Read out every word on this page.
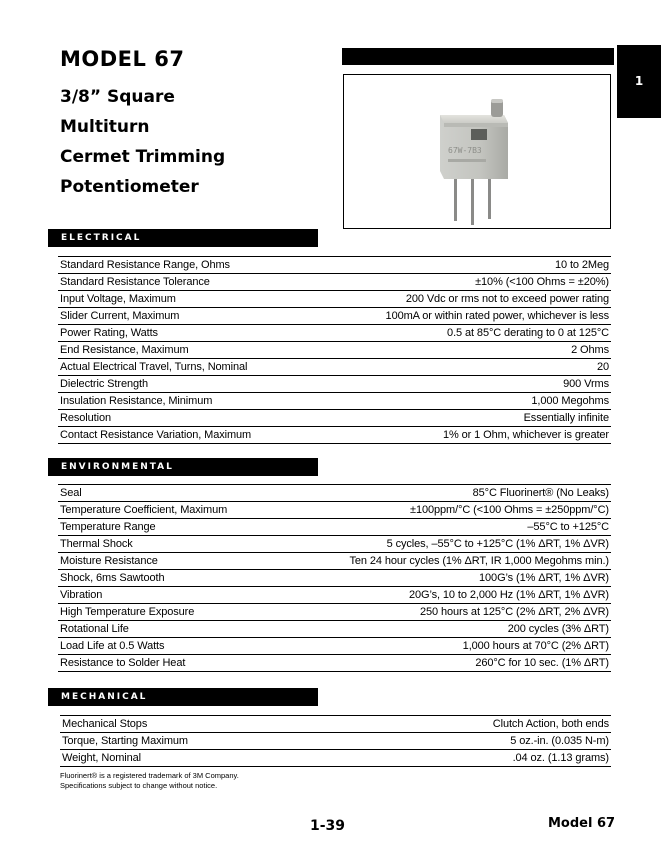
MODEL 67
3/8” Square
Multiturn
Cermet Trimming
Potentiometer
1
67W-7B3
ELECTRICAL
Standard Resistance Range, Ohms	10 to 2Meg
Standard Resistance Tolerance	±10% (<100 Ohms = ±20%)
Input Voltage, Maximum	200 Vdc or rms not to exceed power rating
Slider Current, Maximum	100mA or within rated power, whichever is less
Power Rating, Watts	0.5 at 85°C derating to 0 at 125°C
End Resistance, Maximum	2 Ohms
Actual Electrical Travel, Turns, Nominal	20
Dielectric Strength	900 Vrms
Insulation Resistance, Minimum	1,000 Megohms
Resolution	Essentially infinite
Contact Resistance Variation, Maximum	1% or 1 Ohm, whichever is greater
ENVIRONMENTAL
Seal	85°C Fluorinert® (No Leaks)
Temperature Coefficient, Maximum	±100ppm/°C (<100 Ohms = ±250ppm/°C)
Temperature Range	–55°C to +125°C
Thermal Shock	5 cycles, –55°C to +125°C (1% ΔRT, 1% ΔVR)
Moisture Resistance	Ten 24 hour cycles (1% ΔRT, IR 1,000 Megohms min.)
Shock, 6ms Sawtooth	100G’s (1% ΔRT, 1% ΔVR)
Vibration	20G’s, 10 to 2,000 Hz (1% ΔRT, 1% ΔVR)
High Temperature Exposure	250 hours at 125°C (2% ΔRT, 2% ΔVR)
Rotational Life	200 cycles (3% ΔRT)
Load Life at 0.5 Watts	1,000 hours at 70°C (2% ΔRT)
Resistance to Solder Heat	260°C for 10 sec. (1% ΔRT)
MECHANICAL
Mechanical Stops	Clutch Action, both ends
Torque, Starting Maximum	5 oz.-in. (0.035 N-m)
Weight, Nominal	.04 oz. (1.13 grams)
Fluorinert® is a registered trademark of 3M Company.
Specifications subject to change without notice.
1-39	Model 67
